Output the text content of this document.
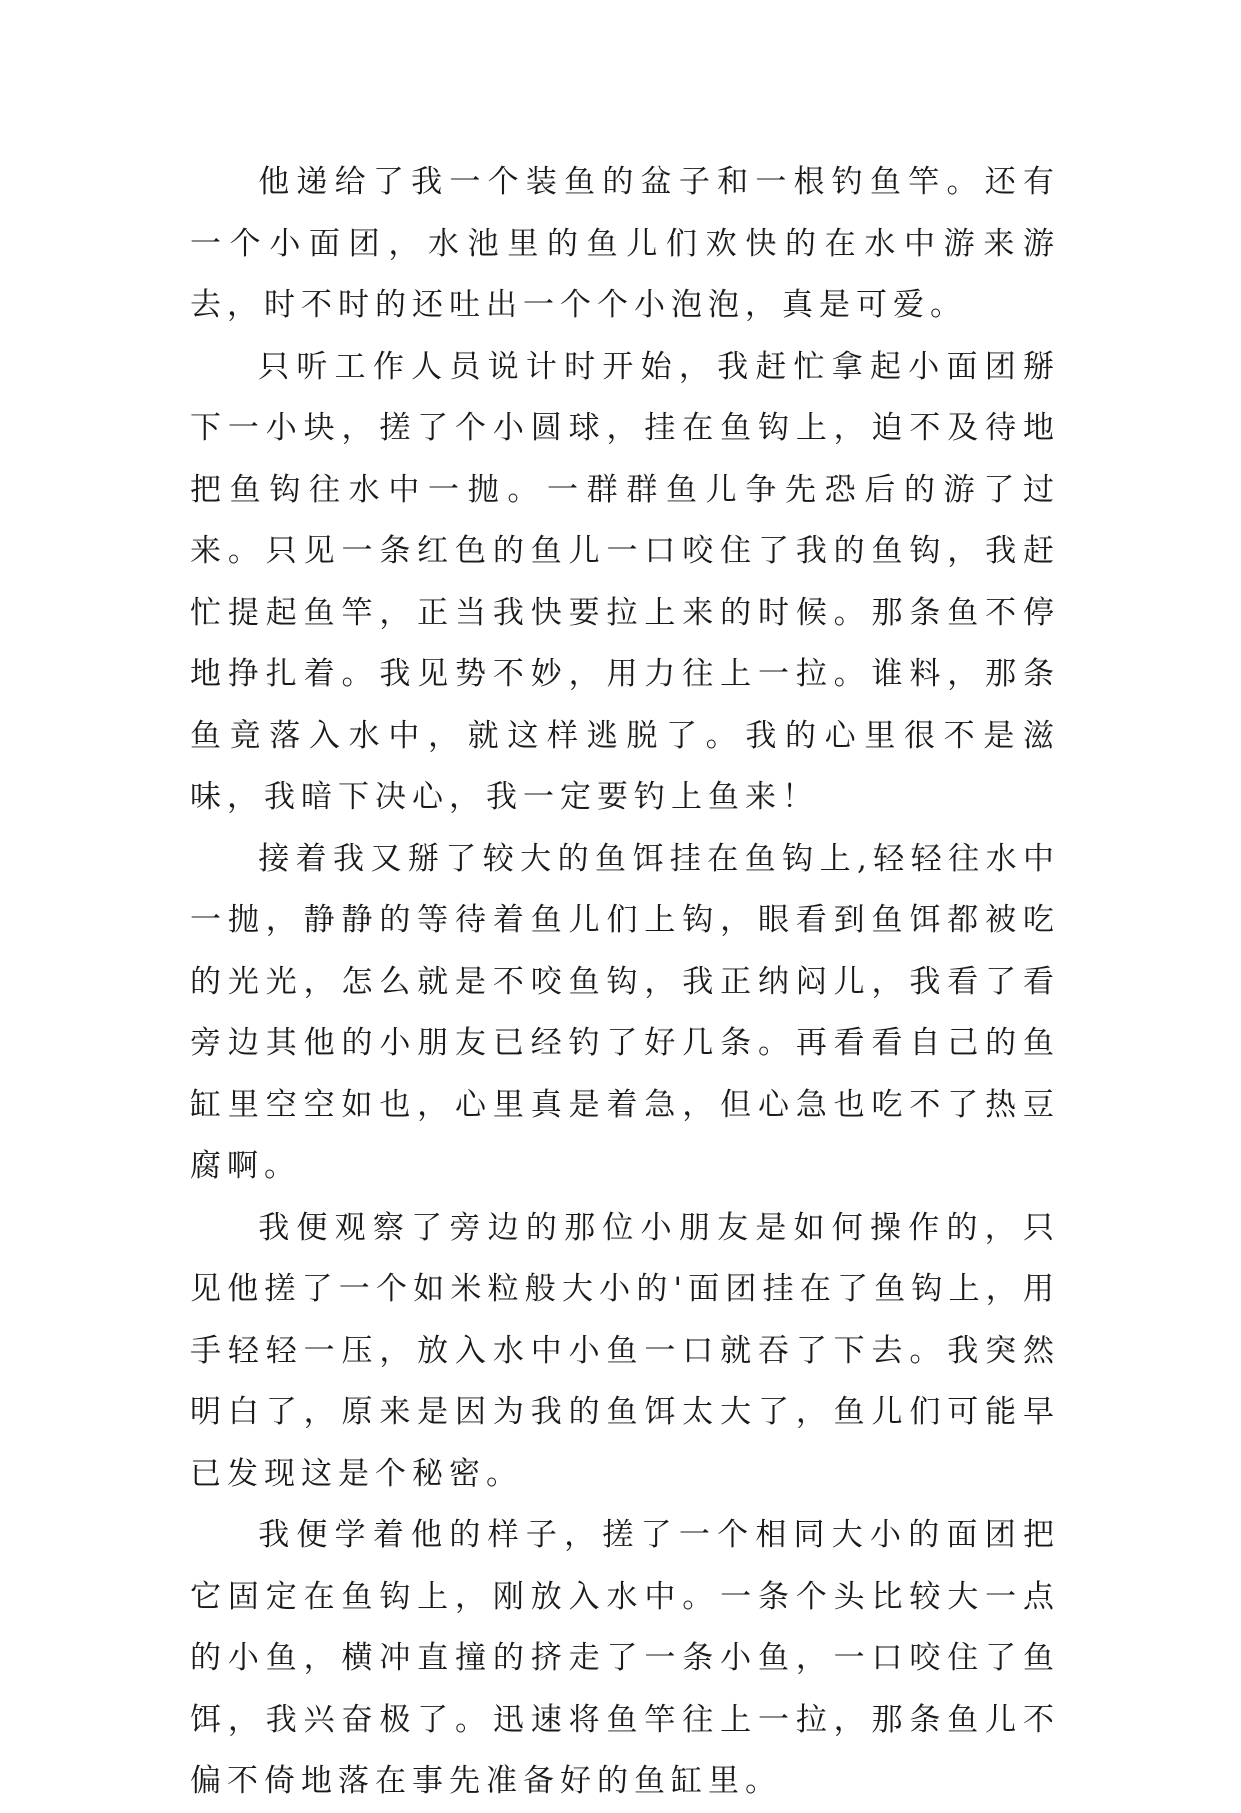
他递给了我一个装鱼的盆子和一根钓鱼竿。还有一个小面团，水池里的鱼儿们欢快的在水中游来游去，时不时的还吐出一个个小泡泡，真是可爱。

只听工作人员说计时开始，我赶忙拿起小面团掰下一小块，搓了个小圆球，挂在鱼钩上，迫不及待地把鱼钩往水中一抛。一群群鱼儿争先恐后的游了过来。只见一条红色的鱼儿一口咬住了我的鱼钩，我赶忙提起鱼竿，正当我快要拉上来的时候。那条鱼不停地挣扎着。我见势不妙，用力往上一拉。谁料，那条鱼竟落入水中，就这样逃脱了。我的心里很不是滋味，我暗下决心，我一定要钓上鱼来！

接着我又掰了较大的鱼饵挂在鱼钩上,轻轻往水中一抛，静静的等待着鱼儿们上钩，眼看到鱼饵都被吃的光光，怎么就是不咬鱼钩，我正纳闷儿，我看了看旁边其他的小朋友已经钓了好几条。再看看自己的鱼缸里空空如也，心里真是着急，但心急也吃不了热豆腐啊。

我便观察了旁边的那位小朋友是如何操作的，只见他搓了一个如米粒般大小的'面团挂在了鱼钩上，用手轻轻一压，放入水中小鱼一口就吞了下去。我突然明白了，原来是因为我的鱼饵太大了，鱼儿们可能早已发现这是个秘密。

我便学着他的样子，搓了一个相同大小的面团把它固定在鱼钩上，刚放入水中。一条个头比较大一点的小鱼，横冲直撞的挤走了一条小鱼，一口咬住了鱼饵，我兴奋极了。迅速将鱼竿往上一拉，那条鱼儿不偏不倚地落在事先准备好的鱼缸里。
